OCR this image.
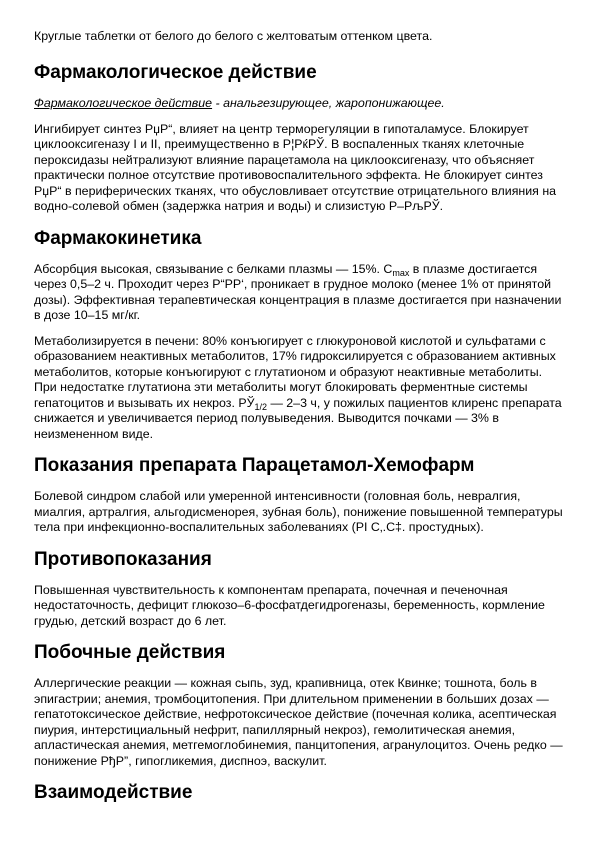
Круглые таблетки от белого до белого с желтоватым оттенком цвета.

Фармакологическое действие

Фармакологическое действие - анальгезирующее, жаропонижающее.

Ингибирует синтез РџР“, влияет на центр терморегуляции в гипоталамусе. Блокирует циклооксигеназу I и II, преимущественно в Р¦РќРЎ. В воспаленных тканях клеточные пероксидазы нейтрализуют влияние парацетамола на циклооксигеназу, что объясняет практически полное отсутствие противовоспалительного эффекта. Не блокирует синтез РџР“ в периферических тканях, что обусловливает отсутствие отрицательного влияния на водно-солевой обмен (задержка натрия и воды) и слизистую Р–РљРЎ.

Фармакокинетика

Абсорбция высокая, связывание с белками плазмы — 15%. $C_{max}$ в плазме достигается через 0,5–2 ч. Проходит через Р“РР‘, проникает в грудное молоко (менее 1% от принятой дозы). Эффективная терапевтическая концентрация в плазме достигается при назначении в дозе 10–15 мг/кг.

Метаболизируется в печени: 80% конъюгирует с глюкуроновой кислотой и сульфатами с образованием неактивных метаболитов, 17% гидроксилируется с образованием активных метаболитов, которые конъюгируют с глутатионом и образуют неактивные метаболиты. При недостатке глутатиона эти метаболиты могут блокировать ферментные системы гепатоцитов и вызывать их некроз. $РЎ_{1/2}$ — 2–3 ч, у пожилых пациентов клиренс препарата снижается и увеличивается период полувыведения. Выводится почками — 3% в неизмененном виде.

Показания препарата Парацетамол-Хемофарм

Болевой синдром слабой или умеренной интенсивности (головная боль, невралгия, миалгия, артралгия, альгодисменорея, зубная боль), понижение повышенной температуры тела при инфекционно-воспалительных заболеваниях (РІ С‚.С‡. простудных).

Противопоказания

Повышенная чувствительность к компонентам препарата, почечная и печеночная недостаточность, дефицит глюкозо–6-фосфатдегидрогеназы, беременность, кормление грудью, детский возраст до 6 лет.

Побочные действия

Аллергические реакции — кожная сыпь, зуд, крапивница, отек Квинке; тошнота, боль в эпигастрии; анемия, тромбоцитопения. При длительном применении в больших дозах — гепатотоксическое действие, нефротоксическое действие (почечная колика, асептическая пиурия, интерстициальный нефрит, папиллярный некроз), гемолитическая анемия, апластическая анемия, метгемоглобинемия, панцитопения, агранулоцитоз. Очень редко — понижение РђР”, гипогликемия, диспноэ, васкулит.

Взаимодействие
